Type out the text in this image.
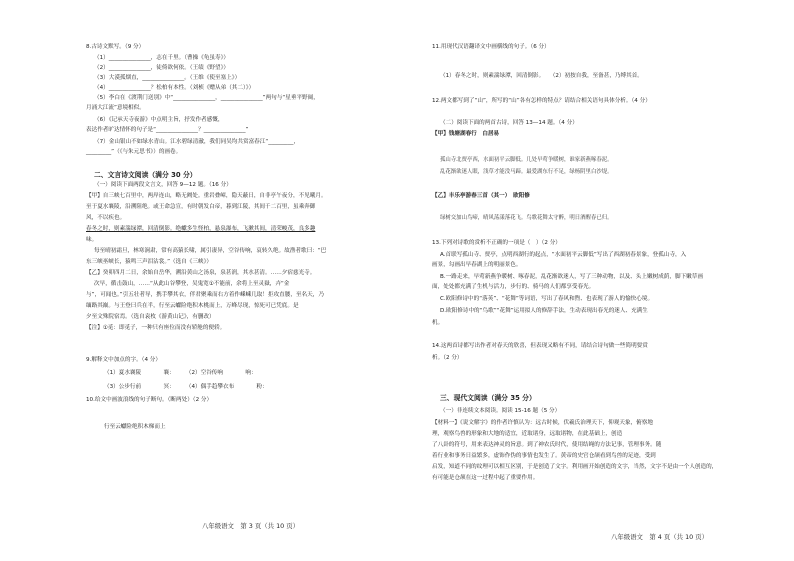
8.古诗文默写。（9 分）
（1）_______________，志在千里。（曹操《龟虽寿》）
（2）_______________，徒倚欲何依。（王绩《野望》）
（3）大漠孤烟直，_______________。（王维《使至塞上》）
（4）_______________？松柏有本性。（刘桢《赠从弟（其二）》）
（5）李白在《渡荆门送别》中“_______________，_______________”两句与“星垂平野阔，
月涌大江流”意境相似。
（6）《记承天寺夜游》中点明主旨，抒发作者感慨，
表达作者旷达情怀的句子是“_______________？_______________”
（7）金山银山不如绿水青山。江水碧绿清澈，我们同吴均共赏富春江“_________，
_________”（《与朱元思书》）的画卷。
二、文言诗文阅读（满分 30 分）
（一）阅读下面两段文言文，回答 9—12 题。（16 分）
【甲】自三峡七百里中，两岸连山，略无阙处。重岩叠嶂，隐天蔽日，自非亭午夜分，不见曦月。
至于夏水襄陵，沿溯阻绝。或王命急宣，有时朝发白帝，暮到江陵，其间千二百里，虽乘奔御
风，不以疾也。
春冬之时，则素湍绿潭，回清倒影。绝巘多生怪柏，悬泉瀑布，飞漱其间，清荣峻茂，良多趣
味。
每至晴初霜旦，林寒涧肃，常有高猿长啸，属引凄异，空谷传响，哀转久绝。故渔者歌曰：“巴
东三峡巫峡长，猿鸣三声泪沾裳。”（选自《三峡》）
【乙】癸卯四月二日，余始自岳华，溯沿黄山之汤泉，泉甚润，其水甚清。……夕宿慈光寺。
次早，循击鼓山，……“从此山谷攀登，吴鬼宽①不能前，余将上至灵嶽，卉“金
与”，可闻也。”引五壮者导，携手攀其衣，伴君聚乘而右方着作嵊嵊几取！拒攻直腰，至名天，乃
缅路其巅。与王登曰兵在半，行至云巘险绝积木桃而上，万峰尽现，惊死可已凭底。是
夕至文殊院宿焉。（选自袁枚《游黄山记》，有删改）
【注】①觅：即觅子，一种只有座位而没有轿舱的便轿。
9.解释文中加点的字。（4 分）
（1）夏水襄陵　　　　襄：　　　（2）空谷传响　　　　响：
（3）公步行前　　　　冥：　　　（4）偶手趋攀衣布　　　　粉：
10.给文中画波浪线的句子断句。（断两处）（2 分）
行至云巘险绝积木梯而上
11.用现代汉语翻译文中画横线的句子。（6 分）
（1）春冬之时，则素湍绿潭，回清倒影。　　（2）初按自我，至备甚，乃缚其首。
12.两文都写到了“山”，所写的“山”各有怎样的特点？请结合相关语句具体分析。（4 分）
（二）阅读下面的两首古诗，回答 13—14 题。（4 分）
【甲】钱塘湖春行　白居易
孤山寺北贾亭西，水面初平云脚低。几处早莺争暖树，谁家新燕啄春泥。
乱花渐欲迷人眼，浅草才能没马蹄。最爱湖东行不足，绿杨阴里白沙堤。
【乙】丰乐亭游春三首（其一）　欧阳修
绿树交加山鸟啼，晴风荡漾落花飞。鸟歌花舞太守醉，明日酒醒春已归。
13.下列对诗歌的赏析不正确的一项是（　）（2 分）
A.首联写孤山寺、贾亭，点明西湖行的起点，“水面初平云脚低”写出了西湖初春景象，登孤山寺，入
画景，勾画出早春湖上的明丽景色。
B.一路走来，早莺新燕争暖树、啄春泥，乱花渐欲迷人，写了三种动物，以及、头上嫩树成荫，脚下嫩草画
面，处处都充满了生机与活力，步行的、骑马的人们都享受春光。
C.欧阳修诗中的“落英”、“花舞”等词语，写出了春风和煦、也表现了游人的愉快心境。
D.欧阳修诗中的“鸟歌”“花舞”运用拟人的修辞手法，生动表现出春光的迷人、充满生
机。
14.这两首诗都写出作者对春天的欣喜，但表现又略有不同，请结合诗句做一些简明要赏
析。（2 分）
三、现代文阅读（满分 35 分）
（一）非连续文本阅读。阅读 15-16 题（5 分）
【材料一】《说文解字》的作者许慎认为：远古时候，伏羲氏治理天下，仰观天象，俯察地
理，观察鸟兽的形象和大地的适宜，近取诸身，远取诸物，在此基础上，创造
了八卦的符号，用来表达神灵的旨意。到了神农氏时代，使用结绳的方法记事，管理事务。随
着行业和事务日益繁多，虚饰作伪的事情也发生了。黄帝的史官仓颉看到鸟兽的足迹，受到
启发，知道不同的纹理可以相互区别，于是创造了文字。利用画开始创造的文字，当然，文字不是由一个人创造的，
有可能是仓颉在这一过程中起了重要作用。
八年级语文　第 3 页（共 10 页）
八年级语文　第 4 页（共 10 页）
